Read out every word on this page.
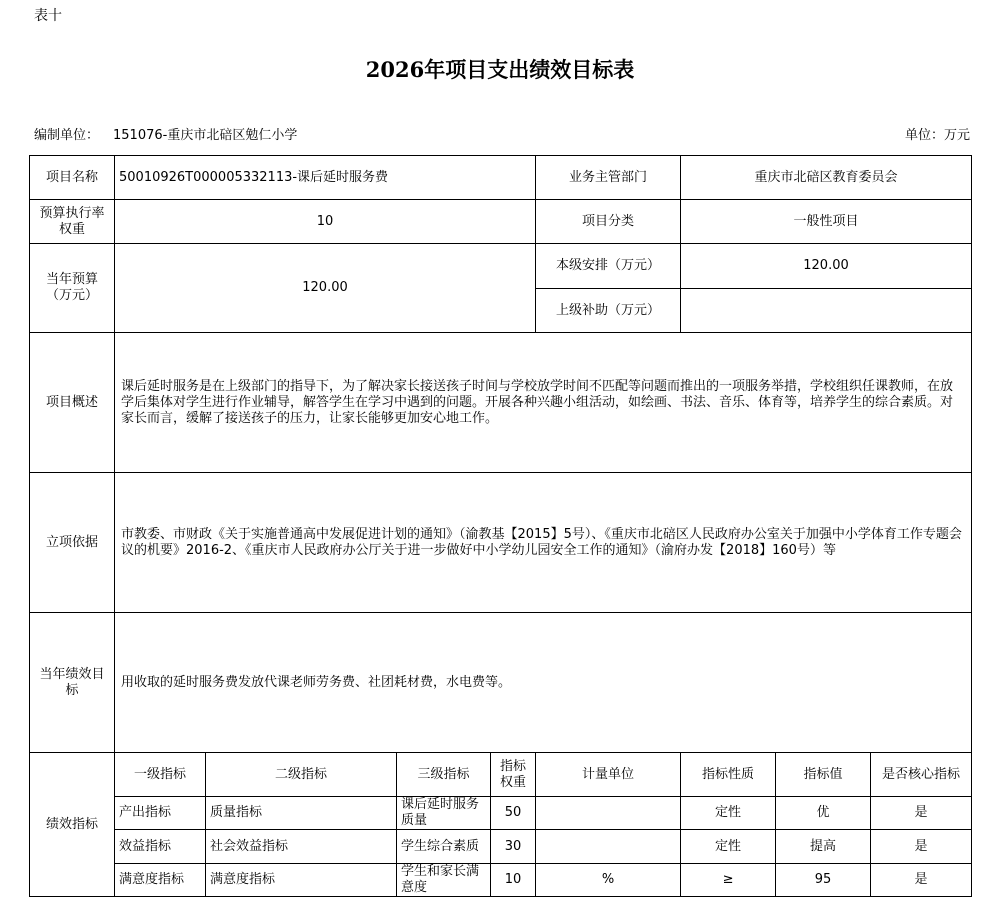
表十
2026年项目支出绩效目标表
编制单位： 151076-重庆市北碚区勉仁小学	单位：万元
项目名称	50010926T000005332113-课后延时服务费				业务主管部门	重庆市北碚区教育委员会		
预算执行率权重	10				项目分类	一般性项目		
当年预算（万元）	120.00				本级安排（万元）	120.00		
					上级补助（万元）			
项目概述	课后延时服务是在上级部门的指导下，为了解决家长接送孩子时间与学校放学时间不匹配等问题而推出的一项服务举措，学校组织任课教师，在放学后集体对学生进行作业辅导，解答学生在学习中遇到的问题。开展各种兴趣小组活动，如绘画、书法、音乐、体育等，培养学生的综合素质。对家长而言，缓解了接送孩子的压力，让家长能够更加安心地工作。							
立项依据	市教委、市财政《关于实施普通高中发展促进计划的通知》（渝教基【2015】5号）、《重庆市北碚区人民政府办公室关于加强中小学体育工作专题会议的机要》2016-2、《重庆市人民政府办公厅关于进一步做好中小学幼儿园安全工作的通知》（渝府办发【2018】160号）等							
当年绩效目标	用收取的延时服务费发放代课老师劳务费、社团耗材费，水电费等。							
绩效指标	一级指标	二级指标	三级指标	指标权重	计量单位	指标性质	指标值	是否核心指标
	产出指标	质量指标	课后延时服务质量	50		定性	优	是
	效益指标	社会效益指标	学生综合素质	30		定性	提高	是
	满意度指标	满意度指标	学生和家长满意度	10	%	≥	95	是
